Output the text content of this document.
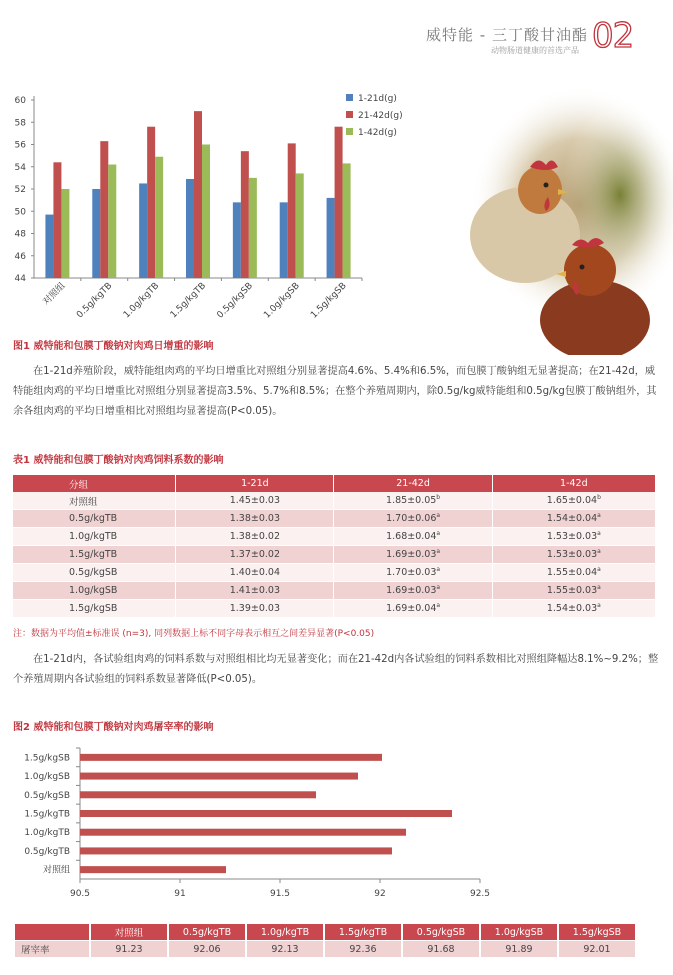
威特能 - 三丁酸甘油酯
动物肠道健康的首选产品 02
44
46
48
50
52
54
56
58
60
对照组 0.5g/kgTB 1.0g/kgTB 1.5g/kgTB 0.5g/kgSB 1.0g/kgSB 1.5g/kgSB
1-21d(g)
21-42d(g)
1-42d(g)
图1 威特能和包膜丁酸钠对肉鸡日增重的影响
在1-21d养殖阶段，威特能组肉鸡的平均日增重比对照组分别显著提高4.6%、5.4%和6.5%，而包膜丁酸钠组无显著提高；在21-42d，威特能组肉鸡的平均日增重比对照组分别显著提高3.5%、5.7%和8.5%；在整个养殖周期内，除0.5g/kg威特能组和0.5g/kg包膜丁酸钠组外，其余各组肉鸡的平均日增重相比对照组均显著提高(P<0.05)。
表1 威特能和包膜丁酸钠对肉鸡饲料系数的影响
分组	1-21d	21-42d	1-42d
对照组	1.45±0.03	1.85±0.05$^b$	1.65±0.04$^b$
0.5g/kgTB	1.38±0.03	1.70±0.06$^a$	1.54±0.04$^a$
1.0g/kgTB	1.38±0.02	1.68±0.04$^a$	1.53±0.03$^a$
1.5g/kgTB	1.37±0.02	1.69±0.03$^a$	1.53±0.03$^a$
0.5g/kgSB	1.40±0.04	1.70±0.03$^a$	1.55±0.04$^a$
1.0g/kgSB	1.41±0.03	1.69±0.03$^a$	1.55±0.03$^a$
1.5g/kgSB	1.39±0.03	1.69±0.04$^a$	1.54±0.03$^a$
注：数据为平均值±标准误 (n=3), 同列数据上标不同字母表示相互之间差异显著(P<0.05)
在1-21d内，各试验组肉鸡的饲料系数与对照组相比均无显著变化；而在21-42d内各试验组的饲料系数相比对照组降幅达8.1%~9.2%；整个养殖周期内各试验组的饲料系数显著降低(P<0.05)。
图2 威特能和包膜丁酸钠对肉鸡屠宰率的影响
90.5	91	91.5	92	92.5
对照组
0.5g/kgTB
1.0g/kgTB
1.5g/kgTB
0.5g/kgSB
1.0g/kgSB
1.5g/kgSB
	对照组	0.5g/kgTB	1.0g/kgTB	1.5g/kgTB	0.5g/kgSB	1.0g/kgSB	1.5g/kgSB
屠宰率	91.23	92.06	92.13	92.36	91.68	91.89	92.01
